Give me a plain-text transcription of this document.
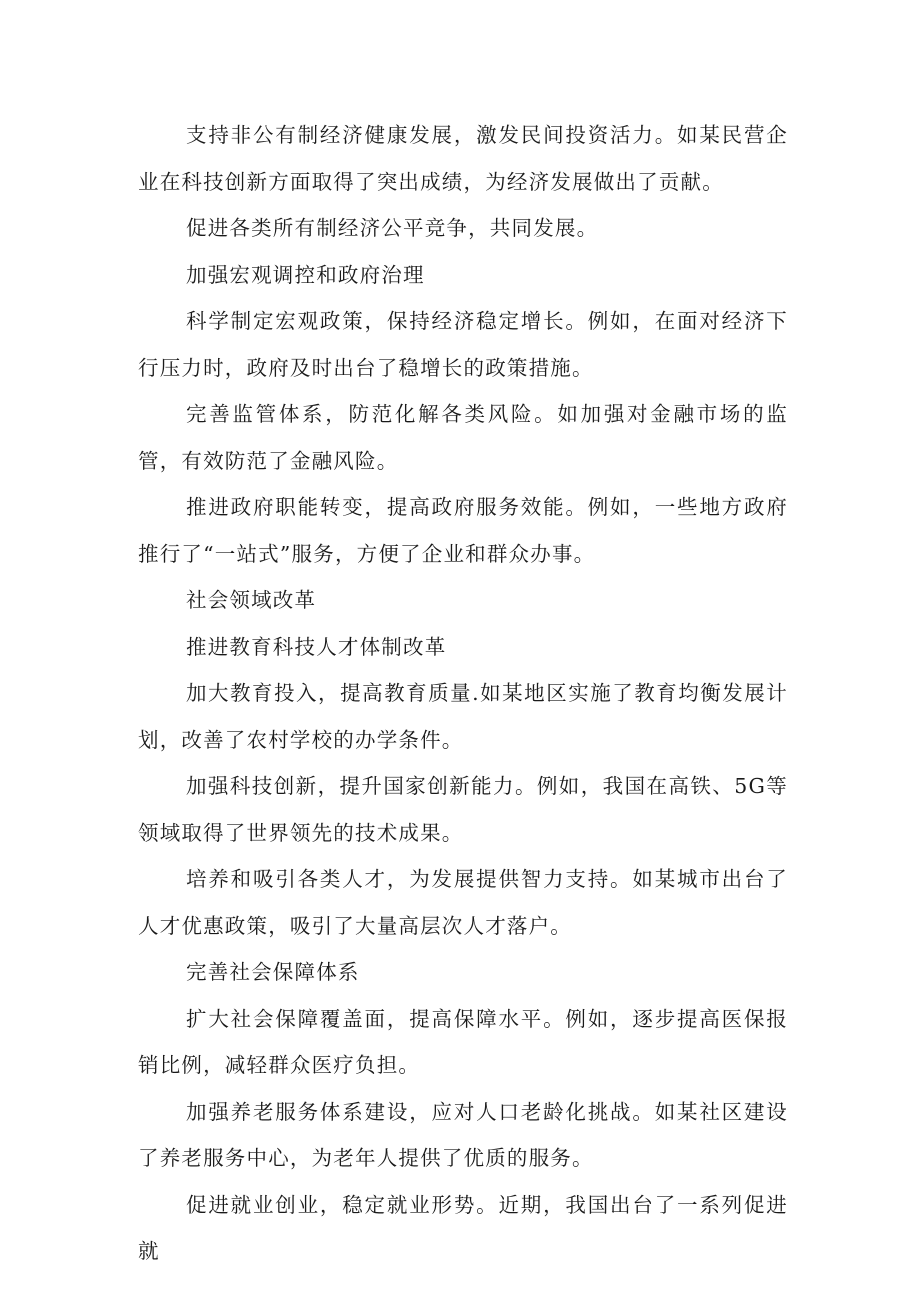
支持非公有制经济健康发展，激发民间投资活力。如某民营企业在科技创新方面取得了突出成绩，为经济发展做出了贡献。

促进各类所有制经济公平竞争，共同发展。

加强宏观调控和政府治理

科学制定宏观政策，保持经济稳定增长。例如，在面对经济下行压力时，政府及时出台了稳增长的政策措施。

完善监管体系，防范化解各类风险。如加强对金融市场的监管，有效防范了金融风险。

推进政府职能转变，提高政府服务效能。例如，一些地方政府推行了“一站式”服务，方便了企业和群众办事。

社会领域改革

推进教育科技人才体制改革

加大教育投入，提高教育质量.如某地区实施了教育均衡发展计划，改善了农村学校的办学条件。

加强科技创新，提升国家创新能力。例如，我国在高铁、5G等领域取得了世界领先的技术成果。

培养和吸引各类人才，为发展提供智力支持。如某城市出台了人才优惠政策，吸引了大量高层次人才落户。

完善社会保障体系

扩大社会保障覆盖面，提高保障水平。例如，逐步提高医保报销比例，减轻群众医疗负担。

加强养老服务体系建设，应对人口老龄化挑战。如某社区建设了养老服务中心，为老年人提供了优质的服务。

促进就业创业，稳定就业形势。近期，我国出台了一系列促进就
